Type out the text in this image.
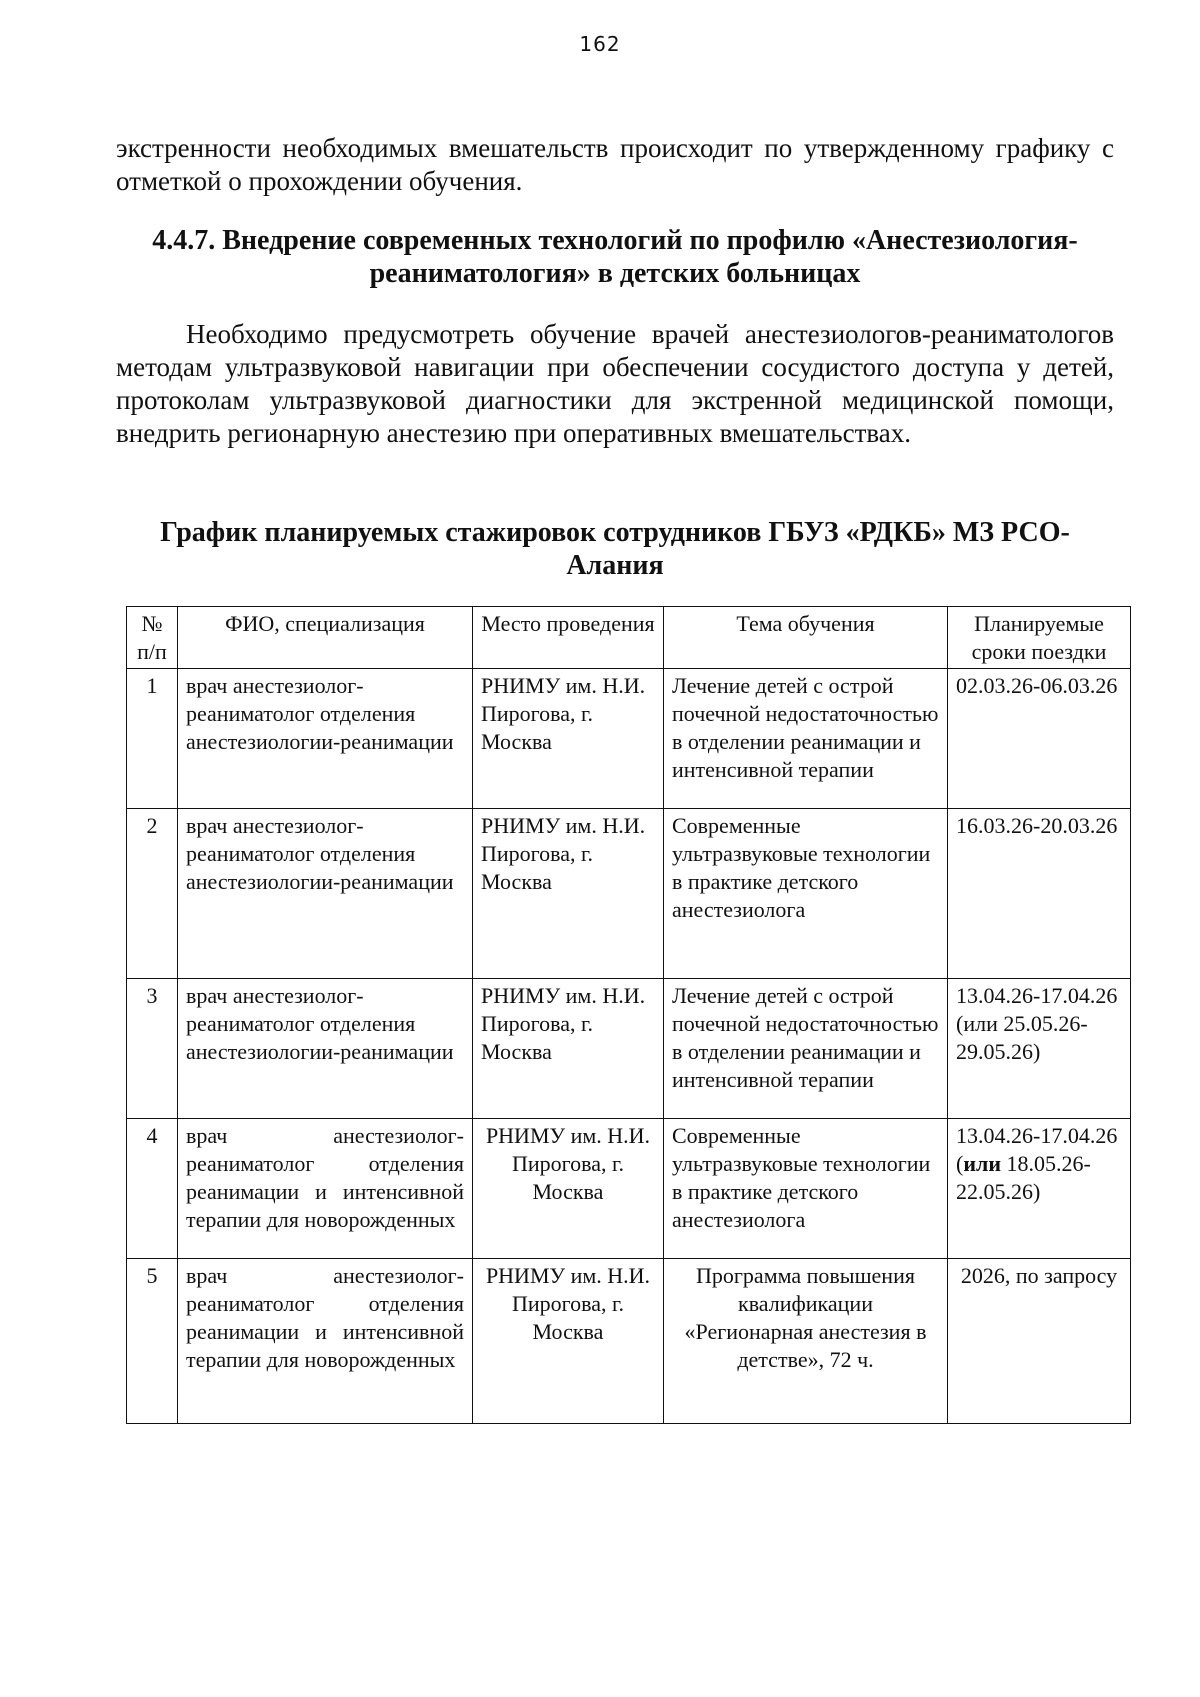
162
экстренности необходимых вмешательств происходит по утвержденному графику с отметкой о прохождении обучения.
4.4.7. Внедрение современных технологий по профилю «Анестезиология-реаниматология» в детских больницах
Необходимо предусмотреть обучение врачей анестезиологов-реаниматологов методам ультразвуковой навигации при обеспечении сосудистого доступа у детей, протоколам ультразвуковой диагностики для экстренной медицинской помощи, внедрить регионарную анестезию при оперативных вмешательствах.
График планируемых стажировок сотрудников ГБУЗ «РДКБ» МЗ РСО-Алания
№ п/п	ФИО, специализация	Место проведения	Тема обучения	Планируемые сроки поездки
1	врач анестезиолог-реаниматолог отделения анестезиологии-реанимации	РНИМУ им. Н.И. Пирогова, г. Москва	Лечение детей с острой почечной недостаточностью в отделении реанимации и интенсивной терапии	02.03.26-06.03.26
2	врач анестезиолог-реаниматолог отделения анестезиологии-реанимации	РНИМУ им. Н.И. Пирогова, г. Москва	Современные ультразвуковые технологии в практике детского анестезиолога	16.03.26-20.03.26
3	врач анестезиолог-реаниматолог отделения анестезиологии-реанимации	РНИМУ им. Н.И. Пирогова, г. Москва	Лечение детей с острой почечной недостаточностью в отделении реанимации и интенсивной терапии	13.04.26-17.04.26 (или 25.05.26-29.05.26)
4	врач анестезиолог-реаниматолог отделения реанимации и интенсивной терапии для новорожденных	РНИМУ им. Н.И. Пирогова, г. Москва	Современные ультразвуковые технологии в практике детского анестезиолога	13.04.26-17.04.26 (или 18.05.26-22.05.26)
5	врач анестезиолог-реаниматолог отделения реанимации и интенсивной терапии для новорожденных	РНИМУ им. Н.И. Пирогова, г. Москва	Программа повышения квалификации «Регионарная анестезия в детстве», 72 ч.	2026, по запросу
